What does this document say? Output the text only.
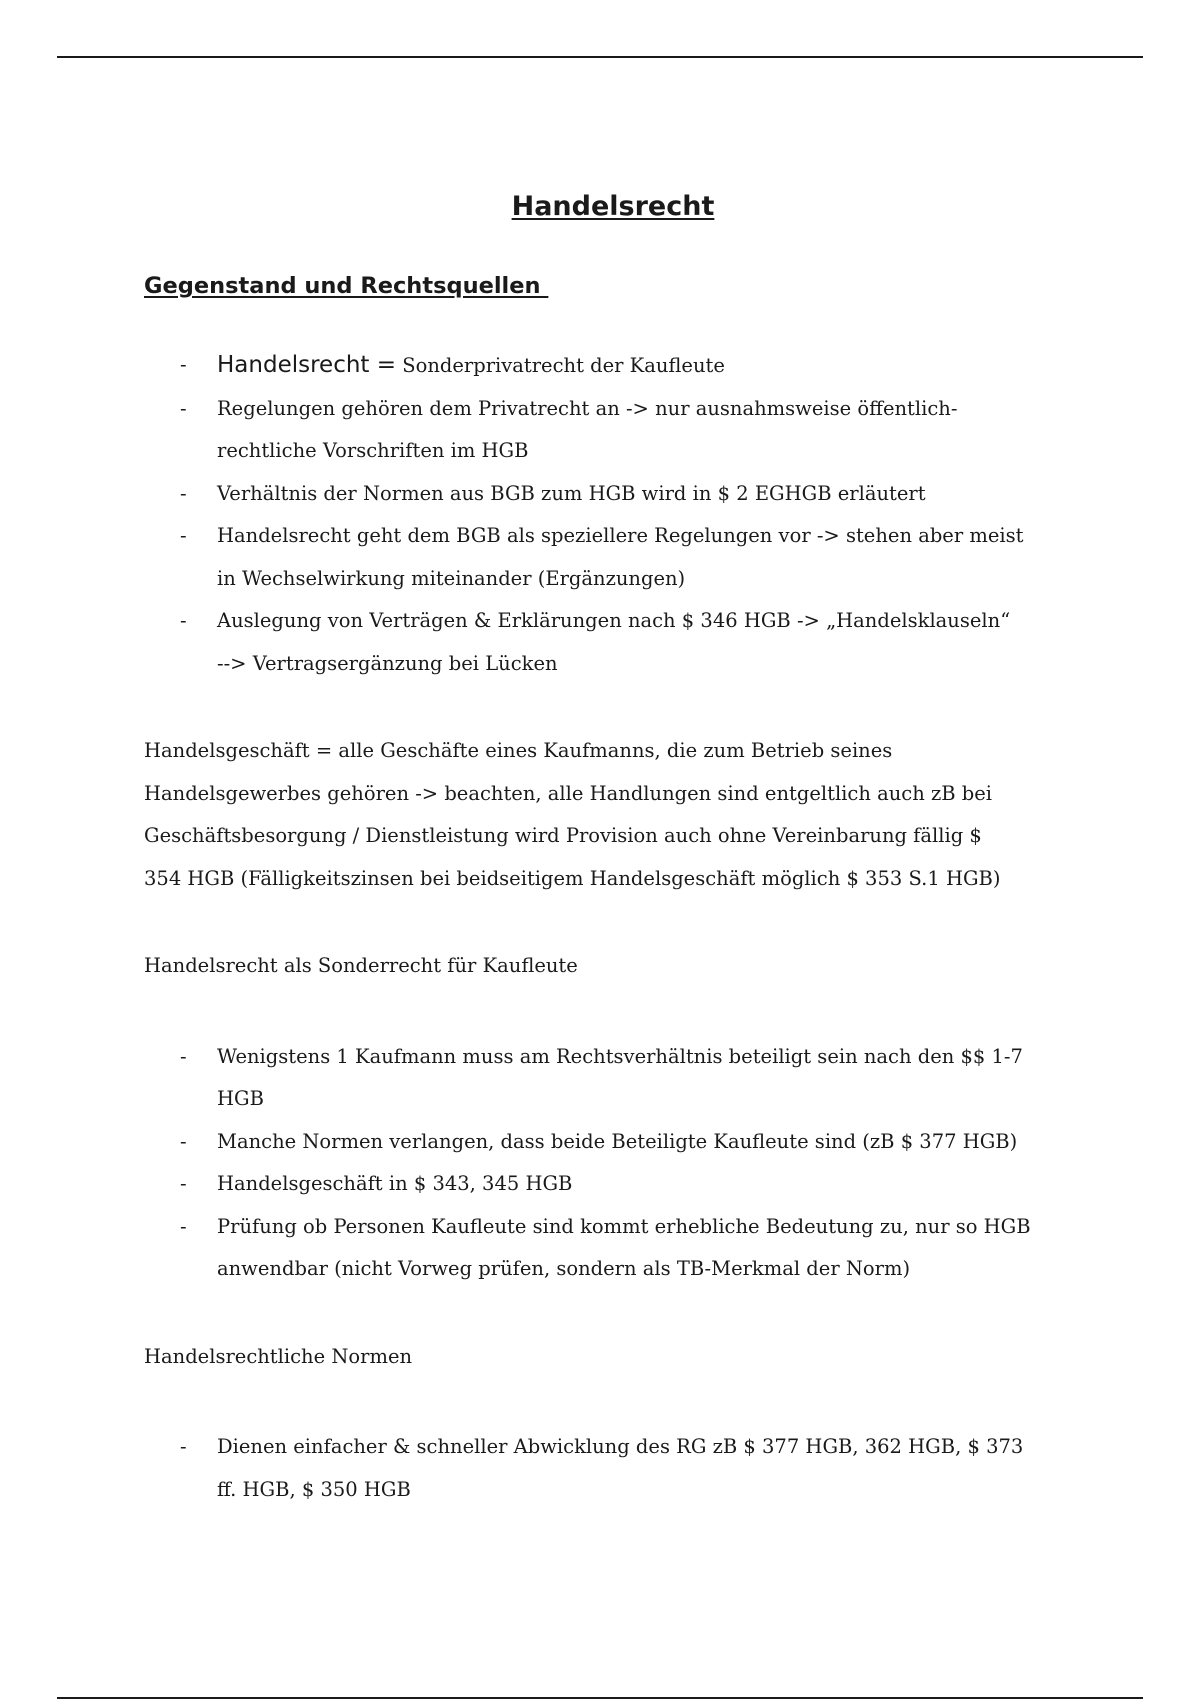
Handelsrecht
Gegenstand und Rechtsquellen
- Handelsrecht = Sonderprivatrecht der Kaufleute
- Regelungen gehören dem Privatrecht an -> nur ausnahmsweise öffentlich-
rechtliche Vorschriften im HGB
- Verhältnis der Normen aus BGB zum HGB wird in $ 2 EGHGB erläutert
- Handelsrecht geht dem BGB als speziellere Regelungen vor -> stehen aber meist
in Wechselwirkung miteinander (Ergänzungen)
- Auslegung von Verträgen & Erklärungen nach $ 346 HGB -> „Handelsklauseln“
--> Vertragsergänzung bei Lücken

Handelsgeschäft = alle Geschäfte eines Kaufmanns, die zum Betrieb seines
Handelsgewerbes gehören -> beachten, alle Handlungen sind entgeltlich auch zB bei
Geschäftsbesorgung / Dienstleistung wird Provision auch ohne Vereinbarung fällig $
354 HGB (Fälligkeitszinsen bei beidseitigem Handelsgeschäft möglich $ 353 S.1 HGB)

Handelsrecht als Sonderrecht für Kaufleute

- Wenigstens 1 Kaufmann muss am Rechtsverhältnis beteiligt sein nach den $$ 1-7
HGB
- Manche Normen verlangen, dass beide Beteiligte Kaufleute sind (zB $ 377 HGB)
- Handelsgeschäft in $ 343, 345 HGB
- Prüfung ob Personen Kaufleute sind kommt erhebliche Bedeutung zu, nur so HGB
anwendbar (nicht Vorweg prüfen, sondern als TB-Merkmal der Norm)

Handelsrechtliche Normen

- Dienen einfacher & schneller Abwicklung des RG zB $ 377 HGB, 362 HGB, $ 373
ff. HGB, $ 350 HGB
